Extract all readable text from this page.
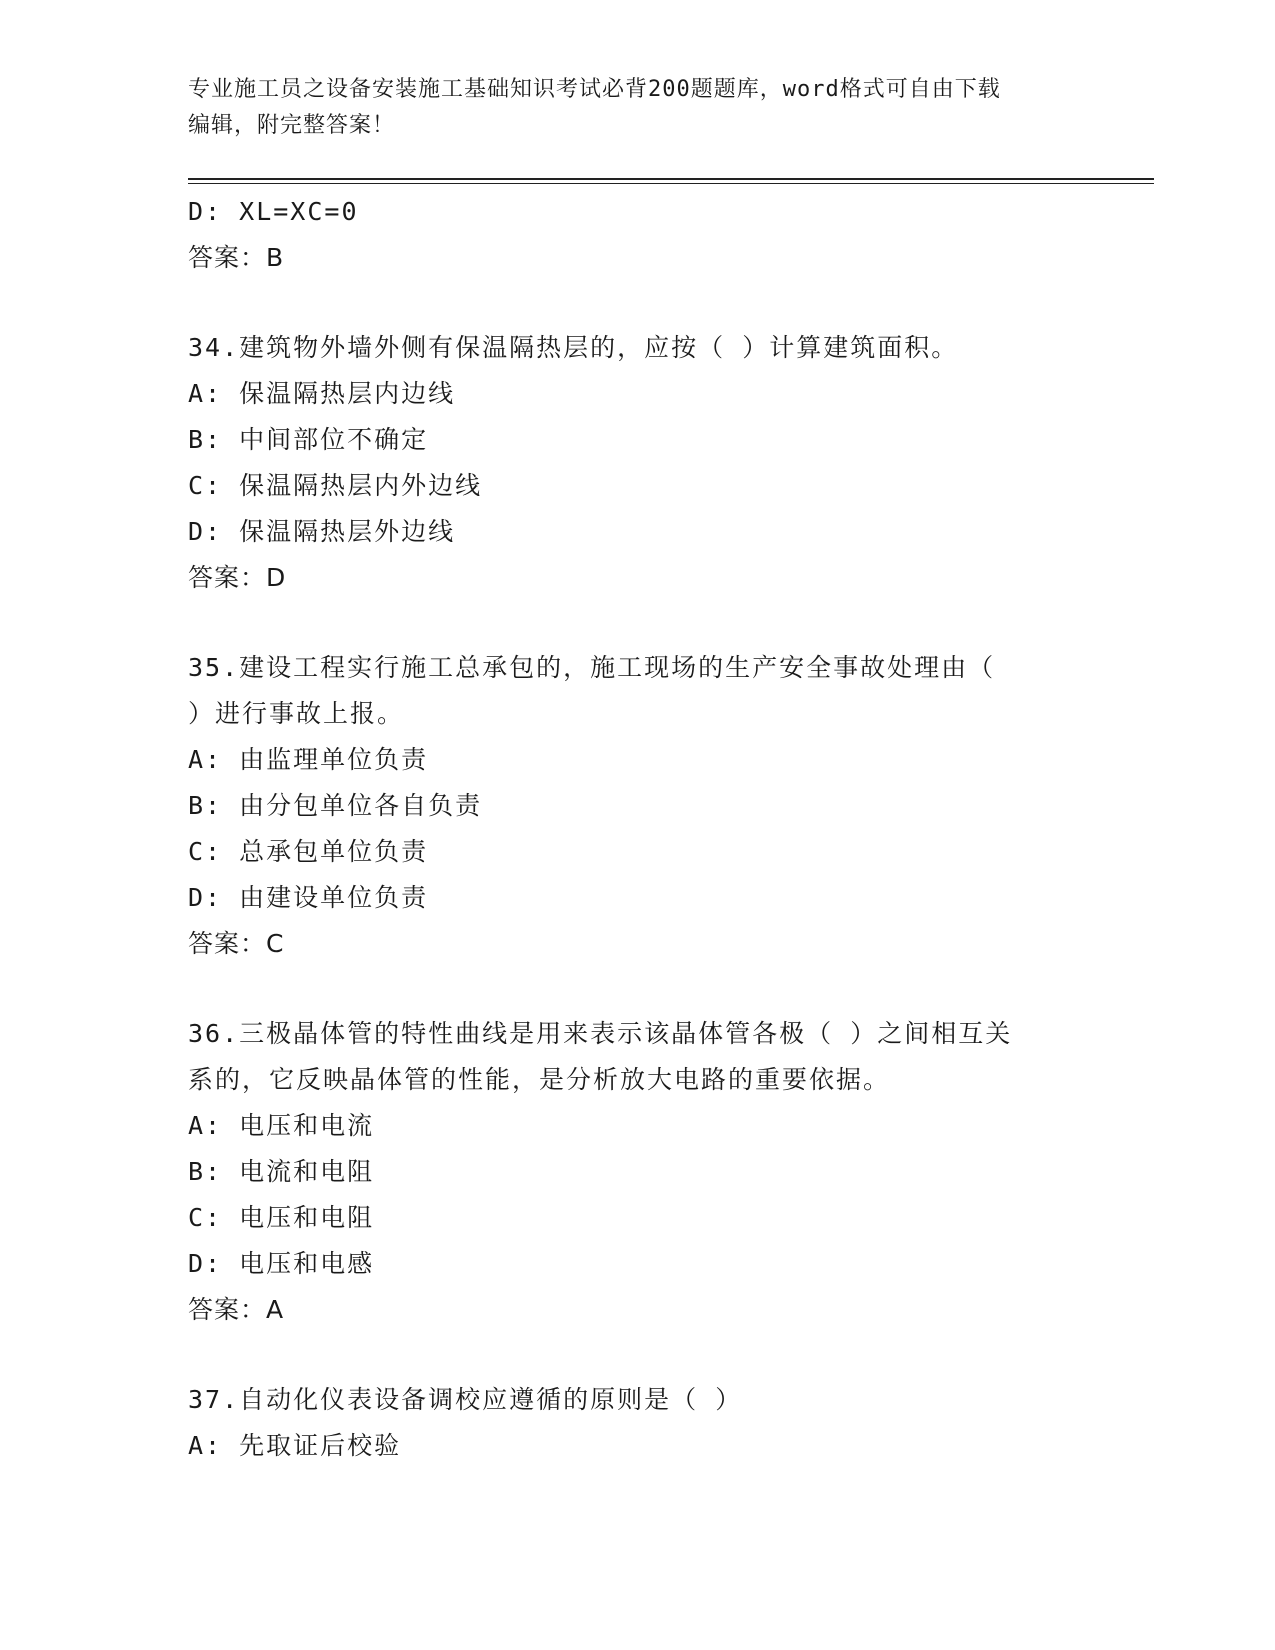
专业施工员之设备安装施工基础知识考试必背200题题库，word格式可自由下载
编辑，附完整答案！
D: XL=XC=0
答案：B
34.建筑物外墙外侧有保温隔热层的，应按（ ）计算建筑面积。
A: 保温隔热层内边线
B: 中间部位不确定
C: 保温隔热层内外边线
D: 保温隔热层外边线
答案：D
35.建设工程实行施工总承包的，施工现场的生产安全事故处理由（
）进行事故上报。
A: 由监理单位负责
B: 由分包单位各自负责
C: 总承包单位负责
D: 由建设单位负责
答案：C
36.三极晶体管的特性曲线是用来表示该晶体管各极（ ）之间相互关
系的，它反映晶体管的性能，是分析放大电路的重要依据。
A: 电压和电流
B: 电流和电阻
C: 电压和电阻
D: 电压和电感
答案：A
37.自动化仪表设备调校应遵循的原则是（ ）
A: 先取证后校验
